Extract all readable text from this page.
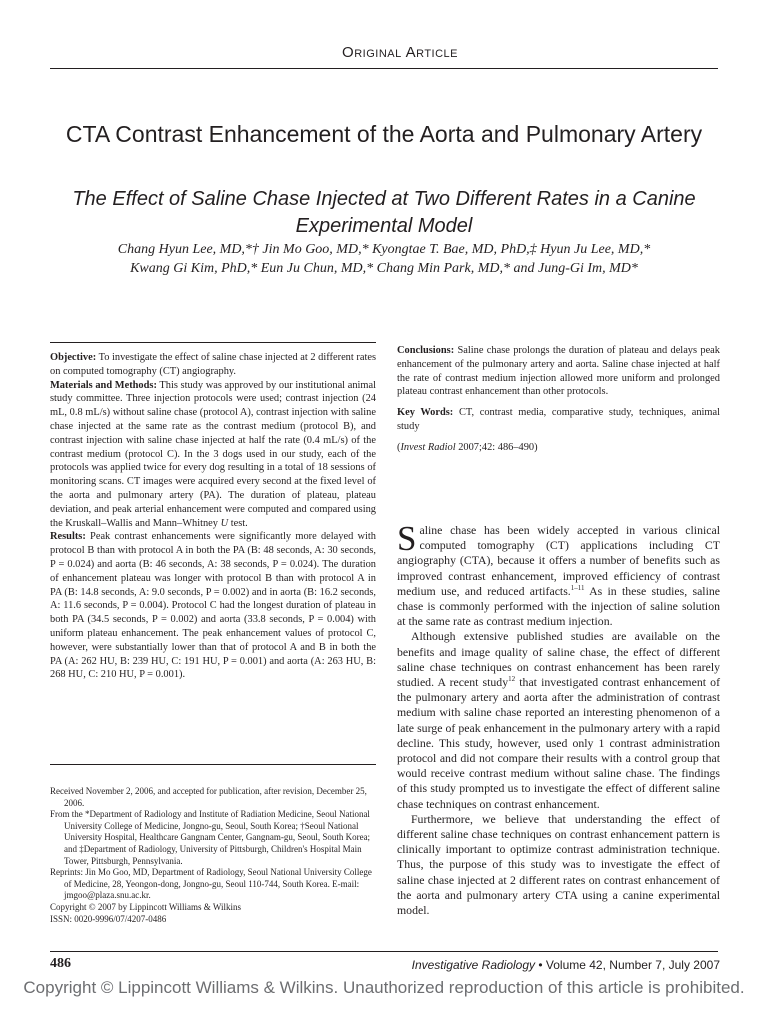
Original Article
CTA Contrast Enhancement of the Aorta and Pulmonary Artery
The Effect of Saline Chase Injected at Two Different Rates in a Canine Experimental Model
Chang Hyun Lee, MD,*† Jin Mo Goo, MD,* Kyongtae T. Bae, MD, PhD,‡ Hyun Ju Lee, MD,*
Kwang Gi Kim, PhD,* Eun Ju Chun, MD,* Chang Min Park, MD,* and Jung-Gi Im, MD*

Objective: To investigate the effect of saline chase injected at 2 different rates on computed tomography (CT) angiography.

Materials and Methods: This study was approved by our institutional animal study committee. Three injection protocols were used; contrast injection (24 mL, 0.8 mL/s) without saline chase (protocol A), contrast injection with saline chase injected at the same rate as the contrast medium (protocol B), and contrast injection with saline chase injected at half the rate (0.4 mL/s) of the contrast medium (protocol C). In the 3 dogs used in our study, each of the protocols was applied twice for every dog resulting in a total of 18 sessions of monitoring scans. CT images were acquired every second at the fixed level of the aorta and pulmonary artery (PA). The duration of plateau, plateau deviation, and peak arterial enhancement were computed and compared using the Kruskall–Wallis and Mann–Whitney U test.

Results: Peak contrast enhancements were significantly more delayed with protocol B than with protocol A in both the PA (B: 48 seconds, A: 30 seconds, P = 0.024) and aorta (B: 46 seconds, A: 38 seconds, P = 0.024). The duration of enhancement plateau was longer with protocol B than with protocol A in PA (B: 14.8 seconds, A: 9.0 seconds, P = 0.002) and in aorta (B: 16.2 seconds, A: 11.6 seconds, P = 0.004). Protocol C had the longest duration of plateau in both PA (34.5 seconds, P = 0.002) and aorta (33.8 seconds, P = 0.004) with uniform plateau enhancement. The peak enhancement values of protocol C, however, were substantially lower than that of protocol A and B in both the PA (A: 262 HU, B: 239 HU, C: 191 HU, P = 0.001) and aorta (A: 263 HU, B: 268 HU, C: 210 HU, P = 0.001).

Conclusions: Saline chase prolongs the duration of plateau and delays peak enhancement of the pulmonary artery and aorta. Saline chase injected at half the rate of contrast medium injection allowed more uniform and prolonged plateau contrast enhancement than other protocols.

Key Words: CT, contrast media, comparative study, techniques, animal study

(Invest Radiol 2007;42: 486–490)

Received November 2, 2006, and accepted for publication, after revision, December 25, 2006.

From the *Department of Radiology and Institute of Radiation Medicine, Seoul National University College of Medicine, Jongno-gu, Seoul, South Korea; †Seoul National University Hospital, Healthcare Gangnam Center, Gangnam-gu, Seoul, South Korea; and ‡Department of Radiology, University of Pittsburgh, Children's Hospital Main Tower, Pittsburgh, Pennsylvania.

Reprints: Jin Mo Goo, MD, Department of Radiology, Seoul National University College of Medicine, 28, Yeongon-dong, Jongno-gu, Seoul 110-744, South Korea. E-mail: jmgoo@plaza.snu.ac.kr.

Copyright © 2007 by Lippincott Williams & Wilkins

ISSN: 0020-9996/07/4207-0486

Saline chase has been widely accepted in various clinical computed tomography (CT) applications including CT angiography (CTA), because it offers a number of benefits such as improved contrast enhancement, improved efficiency of contrast medium use, and reduced artifacts.$^{1-11}$ As in these studies, saline chase is commonly performed with the injection of saline solution at the same rate as contrast medium injection.

Although extensive published studies are available on the benefits and image quality of saline chase, the effect of different saline chase techniques on contrast enhancement has been rarely studied. A recent study$^{12}$ that investigated contrast enhancement of the pulmonary artery and aorta after the administration of contrast medium with saline chase reported an interesting phenomenon of a late surge of peak enhancement in the pulmonary artery with a rapid decline. This study, however, used only 1 contrast administration protocol and did not compare their results with a control group that would receive contrast medium without saline chase. The findings of this study prompted us to investigate the effect of different saline chase techniques on contrast enhancement.

Furthermore, we believe that understanding the effect of different saline chase techniques on contrast enhancement pattern is clinically important to optimize contrast administration technique. Thus, the purpose of this study was to investigate the effect of saline chase injected at 2 different rates on contrast enhancement of the aorta and pulmonary artery CTA using a canine experimental model.

486	Investigative Radiology • Volume 42, Number 7, July 2007
Copyright © Lippincott Williams & Wilkins. Unauthorized reproduction of this article is prohibited.
